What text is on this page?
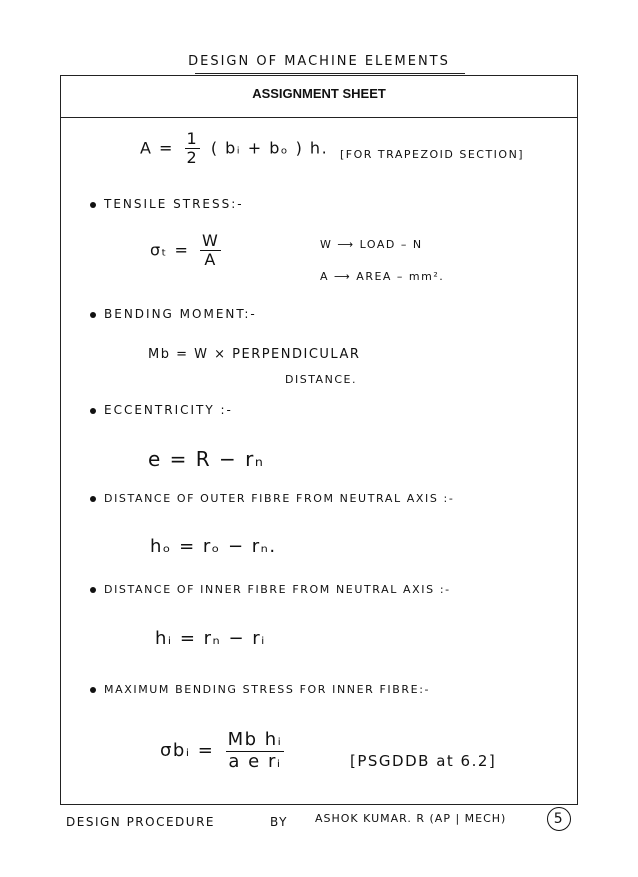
DESIGN OF MACHINE ELEMENTS
ASSIGNMENT SHEET
$A = \frac{1}{2}$ ( bᵢ + bₒ ) h. [FOR TRAPEZOID SECTION]
TENSILE STRESS:-
$\sigma_t = \frac{W}{A}$	W ⟶ LOAD – N
A ⟶ AREA – mm².
BENDING MOMENT:-
Mb = W × PERPENDICULAR
DISTANCE.
ECCENTRICITY :-
e = R − rₙ
DISTANCE OF OUTER FIBRE FROM NEUTRAL AXIS :-
hₒ = rₒ − rₙ.
DISTANCE OF INNER FIBRE FROM NEUTRAL AXIS :-
hᵢ = rₙ − rᵢ
MAXIMUM BENDING STRESS FOR INNER FIBRE:-
σbᵢ = $\frac{\text{Mb hᵢ}}{\text{a e rᵢ}}$	[PSGDDB at 6.2]
DESIGN PROCEDURE	BY ASHOK KUMAR. R (AP | MECH)	5
